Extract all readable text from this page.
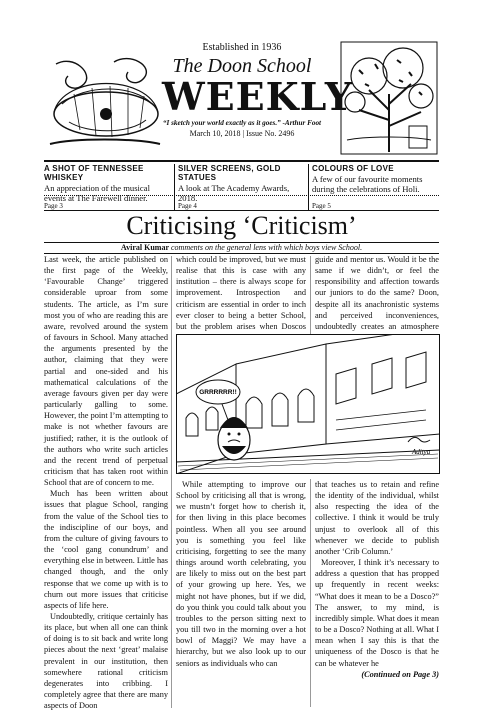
Established in 1936
The Doon School
WEEKLY
“I sketch your world exactly as it goes.” -Arthur Foot
March 10, 2018 | Issue No. 2496
A SHOT OF TENNESSEE WHISKEY
An appreciation of the musical events at The Farewell dinner.
Page 3
SILVER SCREENS, GOLD STATUES
A look at The Academy Awards, 2018.
Page 4
COLOURS OF LOVE
A few of our favourite moments during the celebrations of Holi.
Page 5
Criticising ‘Criticism’
Aviral Kumar comments on the general lens with which boys view School.

Last week, the article published on the first page of the Weekly, ‘Favourable Change’ triggered considerable uproar from some students. The article, as I’m sure most you of who are reading this are aware, revolved around the system of favours in School. Many attached the arguments presented by the author, claiming that they were partial and one-sided and his mathematical calculations of the average favours given per day were particularly galling to some. However, the point I’m attempting to make is not whether favours are justified; rather, it is the outlook of the authors who write such articles and the recent trend of perpetual criticism that has taken root within School that are of concern to me.

Much has been written about issues that plague School, ranging from the value of the School ties to the indiscipline of our boys, and from the culture of giving favours to the ‘cool gang conundrum’ and everything else in between. Little has changed though, and the only response that we come up with is to churn out more issues that criticise aspects of life here.

Undoubtedly, critique certainly has its place, but when all one can think of doing is to sit back and write long pieces about the next ‘great’ malaise prevalent in our institution, then somewhere rational criticism degenerates into cribbing. I completely agree that there are many aspects of Doon

which could be improved, but we must realise that this is case with any institution – there is always scope for improvement. Introspection and criticism are essential in order to inch ever closer to being a better School, but the problem arises when Doscos

guide and mentor us. Would it be the same if we didn’t, or feel the responsibility and affection towards our juniors to do the same? Doon, despite all its anachronistic systems and perceived inconveniences, undoubtedly creates an atmosphere

GRRRRRR!!
Aditya

While attempting to improve our School by criticising all that is wrong, we mustn’t forget how to cherish it, for then living in this place becomes pointless. When all you see around you is something you feel like criticising, forgetting to see the many things around worth celebrating, you are likely to miss out on the best part of your growing up here. Yes, we might not have phones, but if we did, do you think you could talk about you troubles to the person sitting next to you till two in the morning over a hot bowl of Maggi? We may have a hierarchy, but we also look up to our seniors as individuals who can

that teaches us to retain and refine the identity of the individual, whilst also respecting the idea of the collective. I think it would be truly unjust to overlook all of this whenever we decide to publish another ‘Crib Column.’

Moreover, I think it’s necessary to address a question that has propped up frequently in recent weeks: “What does it mean to be a Dosco?” The answer, to my mind, is incredibly simple. What does it mean to be a Dosco? Nothing at all. What I mean when I say this is that the uniqueness of the Dosco is that he can be whatever he

(Continued on Page 3)
